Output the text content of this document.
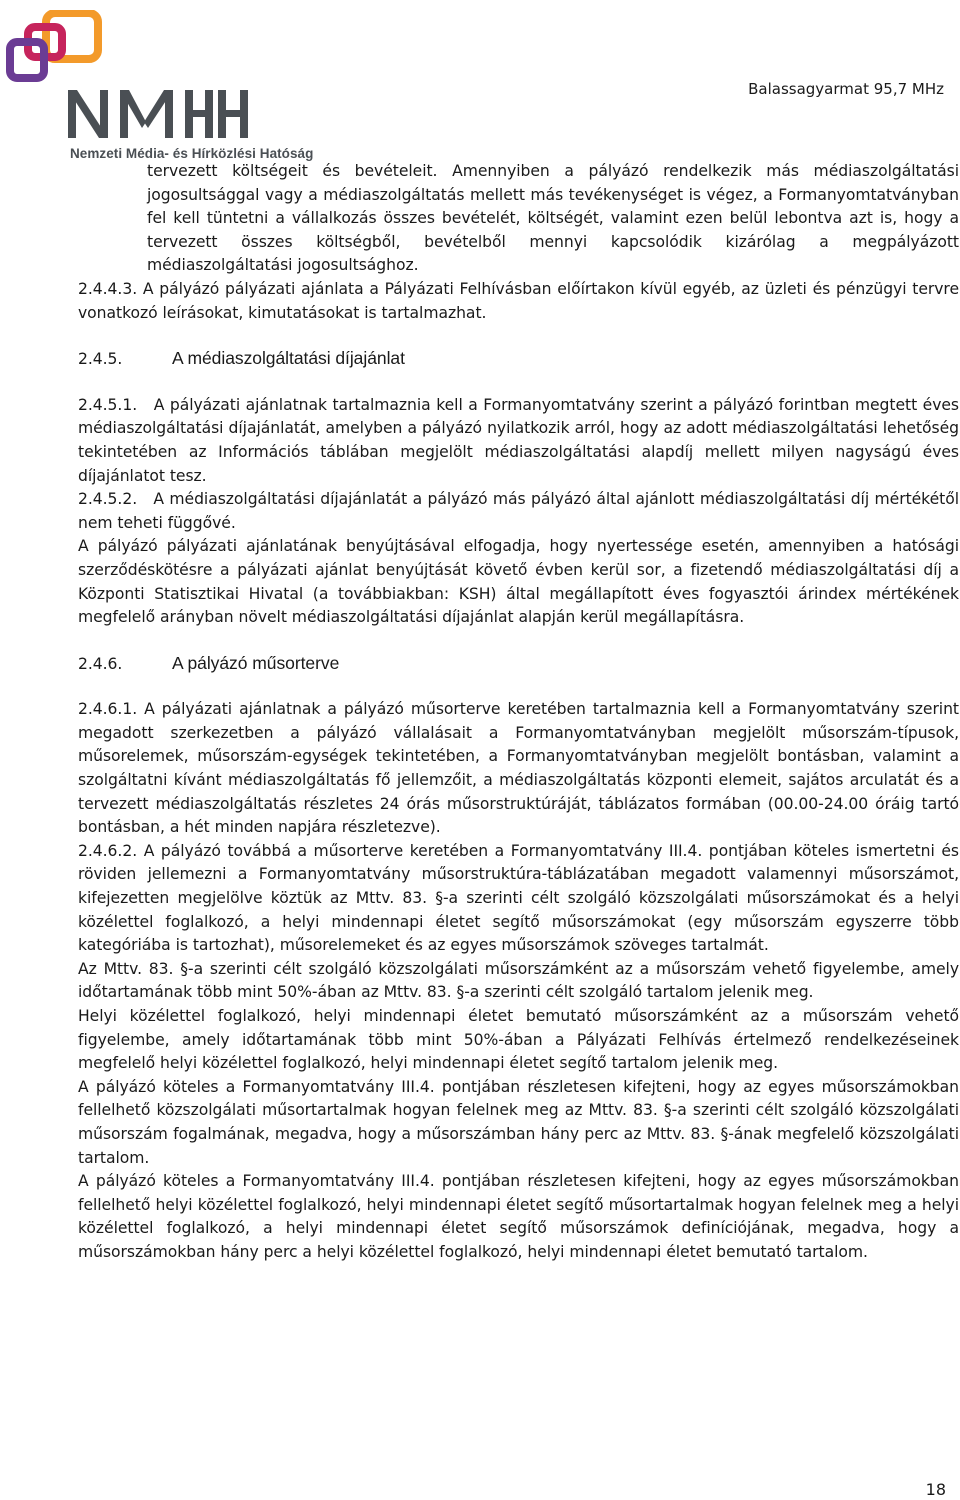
Nemzeti Média- és Hírközlési Hatóság
Balassagyarmat 95,7 MHz

tervezett költségeit és bevételeit. Amennyiben a pályázó rendelkezik más médiaszolgáltatási jogosultsággal vagy a médiaszolgáltatás mellett más tevékenységet is végez, a Formanyomtatványban fel kell tüntetni a vállalkozás összes bevételét, költségét, valamint ezen belül lebontva azt is, hogy a tervezett összes költségből, bevételből mennyi kapcsolódik kizárólag a megpályázott médiaszolgáltatási jogosultsághoz.

2.4.4.3. A pályázó pályázati ajánlata a Pályázati Felhívásban előírtakon kívül egyéb, az üzleti és pénzügyi tervre vonatkozó leírásokat, kimutatásokat is tartalmazhat.

2.4.5.	A médiaszolgáltatási díjajánlat

2.4.5.1. A pályázati ajánlatnak tartalmaznia kell a Formanyomtatvány szerint a pályázó forintban megtett éves médiaszolgáltatási díjajánlatát, amelyben a pályázó nyilatkozik arról, hogy az adott médiaszolgáltatási lehetőség tekintetében az Információs táblában megjelölt médiaszolgáltatási alapdíj mellett milyen nagyságú éves díjajánlatot tesz.

2.4.5.2. A médiaszolgáltatási díjajánlatát a pályázó más pályázó által ajánlott médiaszolgáltatási díj mértékétől nem teheti függővé.

A pályázó pályázati ajánlatának benyújtásával elfogadja, hogy nyertessége esetén, amennyiben a hatósági szerződéskötésre a pályázati ajánlat benyújtását követő évben kerül sor, a fizetendő médiaszolgáltatási díj a Központi Statisztikai Hivatal (a továbbiakban: KSH) által megállapított éves fogyasztói árindex mértékének megfelelő arányban növelt médiaszolgáltatási díjajánlat alapján kerül megállapításra.

2.4.6.	A pályázó műsorterve

2.4.6.1. A pályázati ajánlatnak a pályázó műsorterve keretében tartalmaznia kell a Formanyomtatvány szerint megadott szerkezetben a pályázó vállalásait a Formanyomtatványban megjelölt műsorszám-típusok, műsorelemek, műsorszám-egységek tekintetében, a Formanyomtatványban megjelölt bontásban, valamint a szolgáltatni kívánt médiaszolgáltatás fő jellemzőit, a médiaszolgáltatás központi elemeit, sajátos arculatát és a tervezett médiaszolgáltatás részletes 24 órás műsorstruktúráját, táblázatos formában (00.00-24.00 óráig tartó bontásban, a hét minden napjára részletezve).

2.4.6.2. A pályázó továbbá a műsorterve keretében a Formanyomtatvány III.4. pontjában köteles ismertetni és röviden jellemezni a Formanyomtatvány műsorstruktúra-táblázatában megadott valamennyi műsorszámot, kifejezetten megjelölve köztük az Mttv. 83. §-a szerinti célt szolgáló közszolgálati műsorszámokat és a helyi közélettel foglalkozó, a helyi mindennapi életet segítő műsorszámokat (egy műsorszám egyszerre több kategóriába is tartozhat), műsorelemeket és az egyes műsorszámok szöveges tartalmát.

Az Mttv. 83. §-a szerinti célt szolgáló közszolgálati műsorszámként az a műsorszám vehető figyelembe, amely időtartamának több mint 50%-ában az Mttv. 83. §-a szerinti célt szolgáló tartalom jelenik meg.

Helyi közélettel foglalkozó, helyi mindennapi életet bemutató műsorszámként az a műsorszám vehető figyelembe, amely időtartamának több mint 50%-ában a Pályázati Felhívás értelmező rendelkezéseinek megfelelő helyi közélettel foglalkozó, helyi mindennapi életet segítő tartalom jelenik meg.

A pályázó köteles a Formanyomtatvány III.4. pontjában részletesen kifejteni, hogy az egyes műsorszámokban fellelhető közszolgálati műsortartalmak hogyan felelnek meg az Mttv. 83. §-a szerinti célt szolgáló közszolgálati műsorszám fogalmának, megadva, hogy a műsorszámban hány perc az Mttv. 83. §-ának megfelelő közszolgálati tartalom.

A pályázó köteles a Formanyomtatvány III.4. pontjában részletesen kifejteni, hogy az egyes műsorszámokban fellelhető helyi közélettel foglalkozó, helyi mindennapi életet segítő műsortartalmak hogyan felelnek meg a helyi közélettel foglalkozó, a helyi mindennapi életet segítő műsorszámok definíciójának, megadva, hogy a műsorszámokban hány perc a helyi közélettel foglalkozó, helyi mindennapi életet bemutató tartalom.

18
